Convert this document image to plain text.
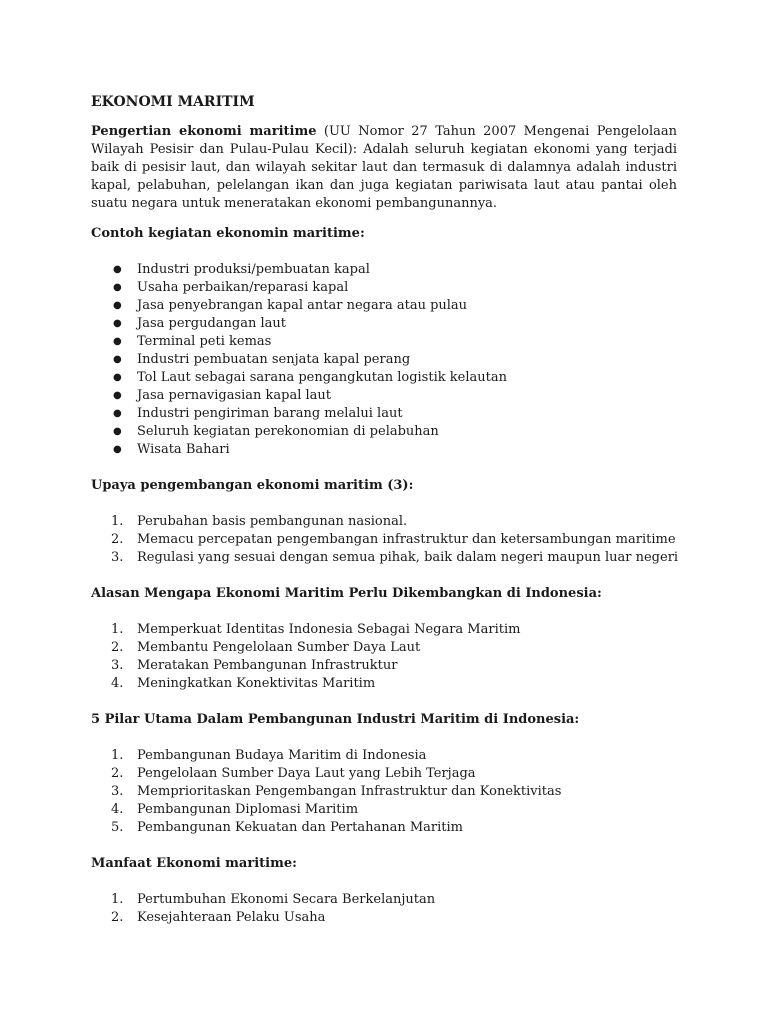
EKONOMI MARITIM

Pengertian ekonomi maritime (UU Nomor 27 Tahun 2007 Mengenai Pengelolaan Wilayah Pesisir dan Pulau-Pulau Kecil): Adalah seluruh kegiatan ekonomi yang terjadi baik di pesisir laut, dan wilayah sekitar laut dan termasuk di dalamnya adalah industri kapal, pelabuhan, pelelangan ikan dan juga kegiatan pariwisata laut atau pantai oleh suatu negara untuk meneratakan ekonomi pembangunannya.

Contoh kegiatan ekonomin maritime:
● Industri produksi/pembuatan kapal
● Usaha perbaikan/reparasi kapal
● Jasa penyebrangan kapal antar negara atau pulau
● Jasa pergudangan laut
● Terminal peti kemas
● Industri pembuatan senjata kapal perang
● Tol Laut sebagai sarana pengangkutan logistik kelautan
● Jasa pernavigasian kapal laut
● Industri pengiriman barang melalui laut
● Seluruh kegiatan perekonomian di pelabuhan
● Wisata Bahari
Upaya pengembangan ekonomi maritim (3):
1. Perubahan basis pembangunan nasional.
2. Memacu percepatan pengembangan infrastruktur dan ketersambungan maritime
3. Regulasi yang sesuai dengan semua pihak, baik dalam negeri maupun luar negeri
Alasan Mengapa Ekonomi Maritim Perlu Dikembangkan di Indonesia:
1. Memperkuat Identitas Indonesia Sebagai Negara Maritim
2. Membantu Pengelolaan Sumber Daya Laut
3. Meratakan Pembangunan Infrastruktur
4. Meningkatkan Konektivitas Maritim
5 Pilar Utama Dalam Pembangunan Industri Maritim di Indonesia:
1. Pembangunan Budaya Maritim di Indonesia
2. Pengelolaan Sumber Daya Laut yang Lebih Terjaga
3. Memprioritaskan Pengembangan Infrastruktur dan Konektivitas
4. Pembangunan Diplomasi Maritim
5. Pembangunan Kekuatan dan Pertahanan Maritim
Manfaat Ekonomi maritime:
1. Pertumbuhan Ekonomi Secara Berkelanjutan
2. Kesejahteraan Pelaku Usaha
